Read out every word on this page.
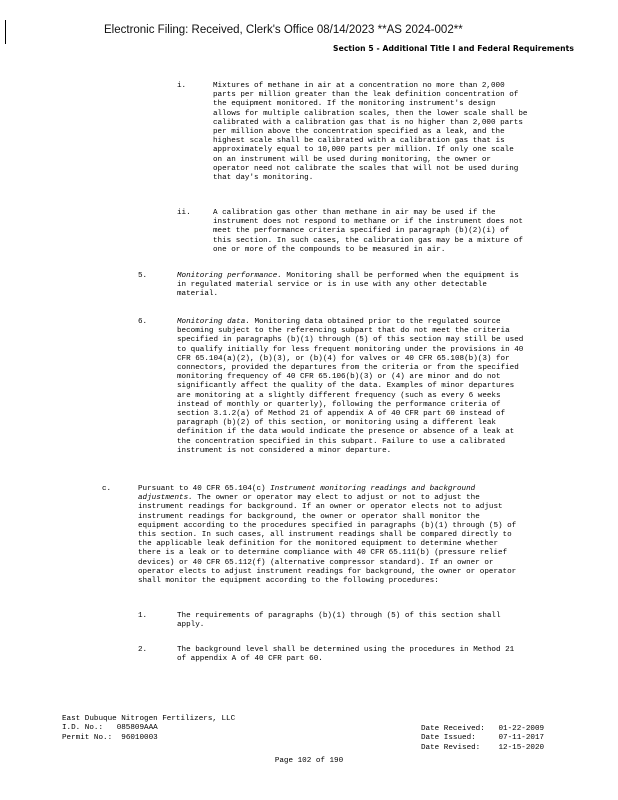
Electronic Filing: Received, Clerk's Office 08/14/2023 **AS 2024-002**
Section 5 - Additional Title I and Federal Requirements
i.	Mixtures of methane in air at a concentration no more than 2,000

parts per million greater than the leak definition concentration of

the equipment monitored. If the monitoring instrument's design

allows for multiple calibration scales, then the lower scale shall be

calibrated with a calibration gas that is no higher than 2,000 parts

per million above the concentration specified as a leak, and the

highest scale shall be calibrated with a calibration gas that is

approximately equal to 10,000 parts per million. If only one scale

on an instrument will be used during monitoring, the owner or

operator need not calibrate the scales that will not be used during

that day's monitoring.

ii.	A calibration gas other than methane in air may be used if the

instrument does not respond to methane or if the instrument does not

meet the performance criteria specified in paragraph (b)(2)(i) of

this section. In such cases, the calibration gas may be a mixture of

one or more of the compounds to be measured in air.

5.	Monitoring performance. Monitoring shall be performed when the equipment is

in regulated material service or is in use with any other detectable

material.

6.	Monitoring data. Monitoring data obtained prior to the regulated source

becoming subject to the referencing subpart that do not meet the criteria

specified in paragraphs (b)(1) through (5) of this section may still be used

to qualify initially for less frequent monitoring under the provisions in 40

CFR 65.104(a)(2), (b)(3), or (b)(4) for valves or 40 CFR 65.108(b)(3) for

connectors, provided the departures from the criteria or from the specified

monitoring frequency of 40 CFR 65.106(b)(3) or (4) are minor and do not

significantly affect the quality of the data. Examples of minor departures

are monitoring at a slightly different frequency (such as every 6 weeks

instead of monthly or quarterly), following the performance criteria of

section 3.1.2(a) of Method 21 of appendix A of 40 CFR part 60 instead of

paragraph (b)(2) of this section, or monitoring using a different leak

definition if the data would indicate the presence or absence of a leak at

the concentration specified in this subpart. Failure to use a calibrated

instrument is not considered a minor departure.

c.	Pursuant to 40 CFR 65.104(c) Instrument monitoring readings and background

adjustments. The owner or operator may elect to adjust or not to adjust the

instrument readings for background. If an owner or operator elects not to adjust

instrument readings for background, the owner or operator shall monitor the

equipment according to the procedures specified in paragraphs (b)(1) through (5) of

this section. In such cases, all instrument readings shall be compared directly to

the applicable leak definition for the monitored equipment to determine whether

there is a leak or to determine compliance with 40 CFR 65.111(b) (pressure relief

devices) or 40 CFR 65.112(f) (alternative compressor standard). If an owner or

operator elects to adjust instrument readings for background, the owner or operator

shall monitor the equipment according to the following procedures:

1.	The requirements of paragraphs (b)(1) through (5) of this section shall

apply.

2.	The background level shall be determined using the procedures in Method 21

of appendix A of 40 CFR part 60.

East Dubuque Nitrogen Fertilizers, LLC
I.D. No.: 085809AAA
Permit No.: 96010003
Date Received: 01-22-2009
Date Issued:	07-11-2017
Date Revised: 12-15-2020
Page 102 of 190
